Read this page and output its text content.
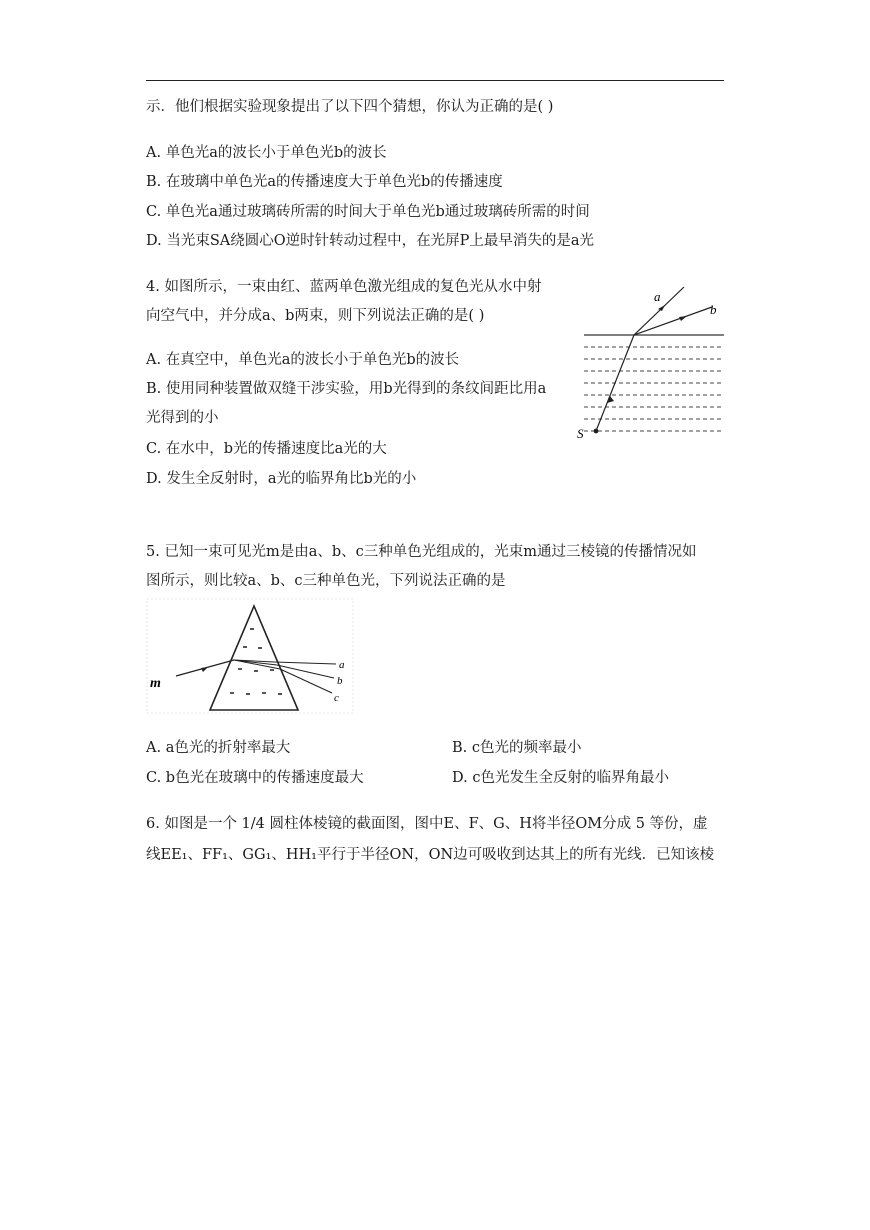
示．他们根据实验现象提出了以下四个猜想，你认为正确的是( )
A. 单色光a的波长小于单色光b的波长
B. 在玻璃中单色光a的传播速度大于单色光b的传播速度
C. 单色光a通过玻璃砖所需的时间大于单色光b通过玻璃砖所需的时间
D. 当光束SA绕圆心O逆时针转动过程中，在光屏P上最早消失的是a光
4. 如图所示，一束由红、蓝两单色激光组成的复色光从水中射
向空气中，并分成a、b两束，则下列说法正确的是( )
A. 在真空中，单色光a的波长小于单色光b的波长
B. 使用同种装置做双缝干涉实验，用b光得到的条纹间距比用a
光得到的小
C. 在水中，b光的传播速度比a光的大
D. 发生全反射时，a光的临界角比b光的小
a
b
S
5. 已知一束可见光m是由a、b、c三种单色光组成的，光束m通过三棱镜的传播情况如
图所示，则比较a、b、c三种单色光，下列说法正确的是
m
a
b
c
A. a色光的折射率最大	B. c色光的频率最小
C. b色光在玻璃中的传播速度最大	D. c色光发生全反射的临界角最小
6. 如图是一个 1/4 圆柱体棱镜的截面图，图中E、F、G、H将半径OM分成 5 等份，虚
线EE₁、FF₁、GG₁、HH₁平行于半径ON，ON边可吸收到达其上的所有光线．已知该棱
